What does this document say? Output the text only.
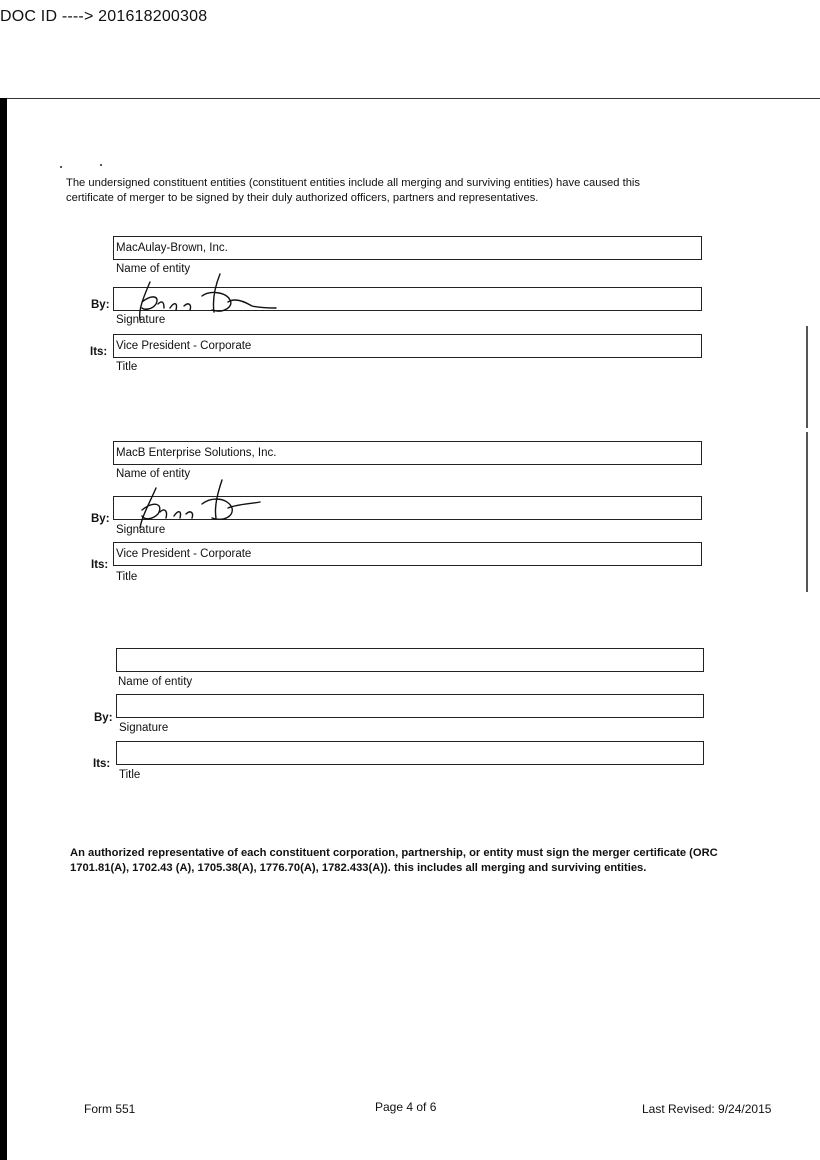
DOC ID ----> 201618200308
The undersigned constituent entities (constituent entities include all merging and surviving entities) have caused this certificate of merger to be signed by their duly authorized officers, partners and representatives.
MacAulay-Brown, Inc.
Name of entity
By:
Signature
Its: Vice President - Corporate
Title
MacB Enterprise Solutions, Inc.
Name of entity
By:
Signature
Its:
Vice President - Corporate
Title
Name of entity
By:
Signature
Its:
Title
An authorized representative of each constituent corporation, partnership, or entity must sign the merger certificate (ORC 1701.81(A), 1702.43 (A), 1705.38(A), 1776.70(A), 1782.433(A)). this includes all merging and surviving entities.
Form 551	Page 4 of 6	Last Revised: 9/24/2015
